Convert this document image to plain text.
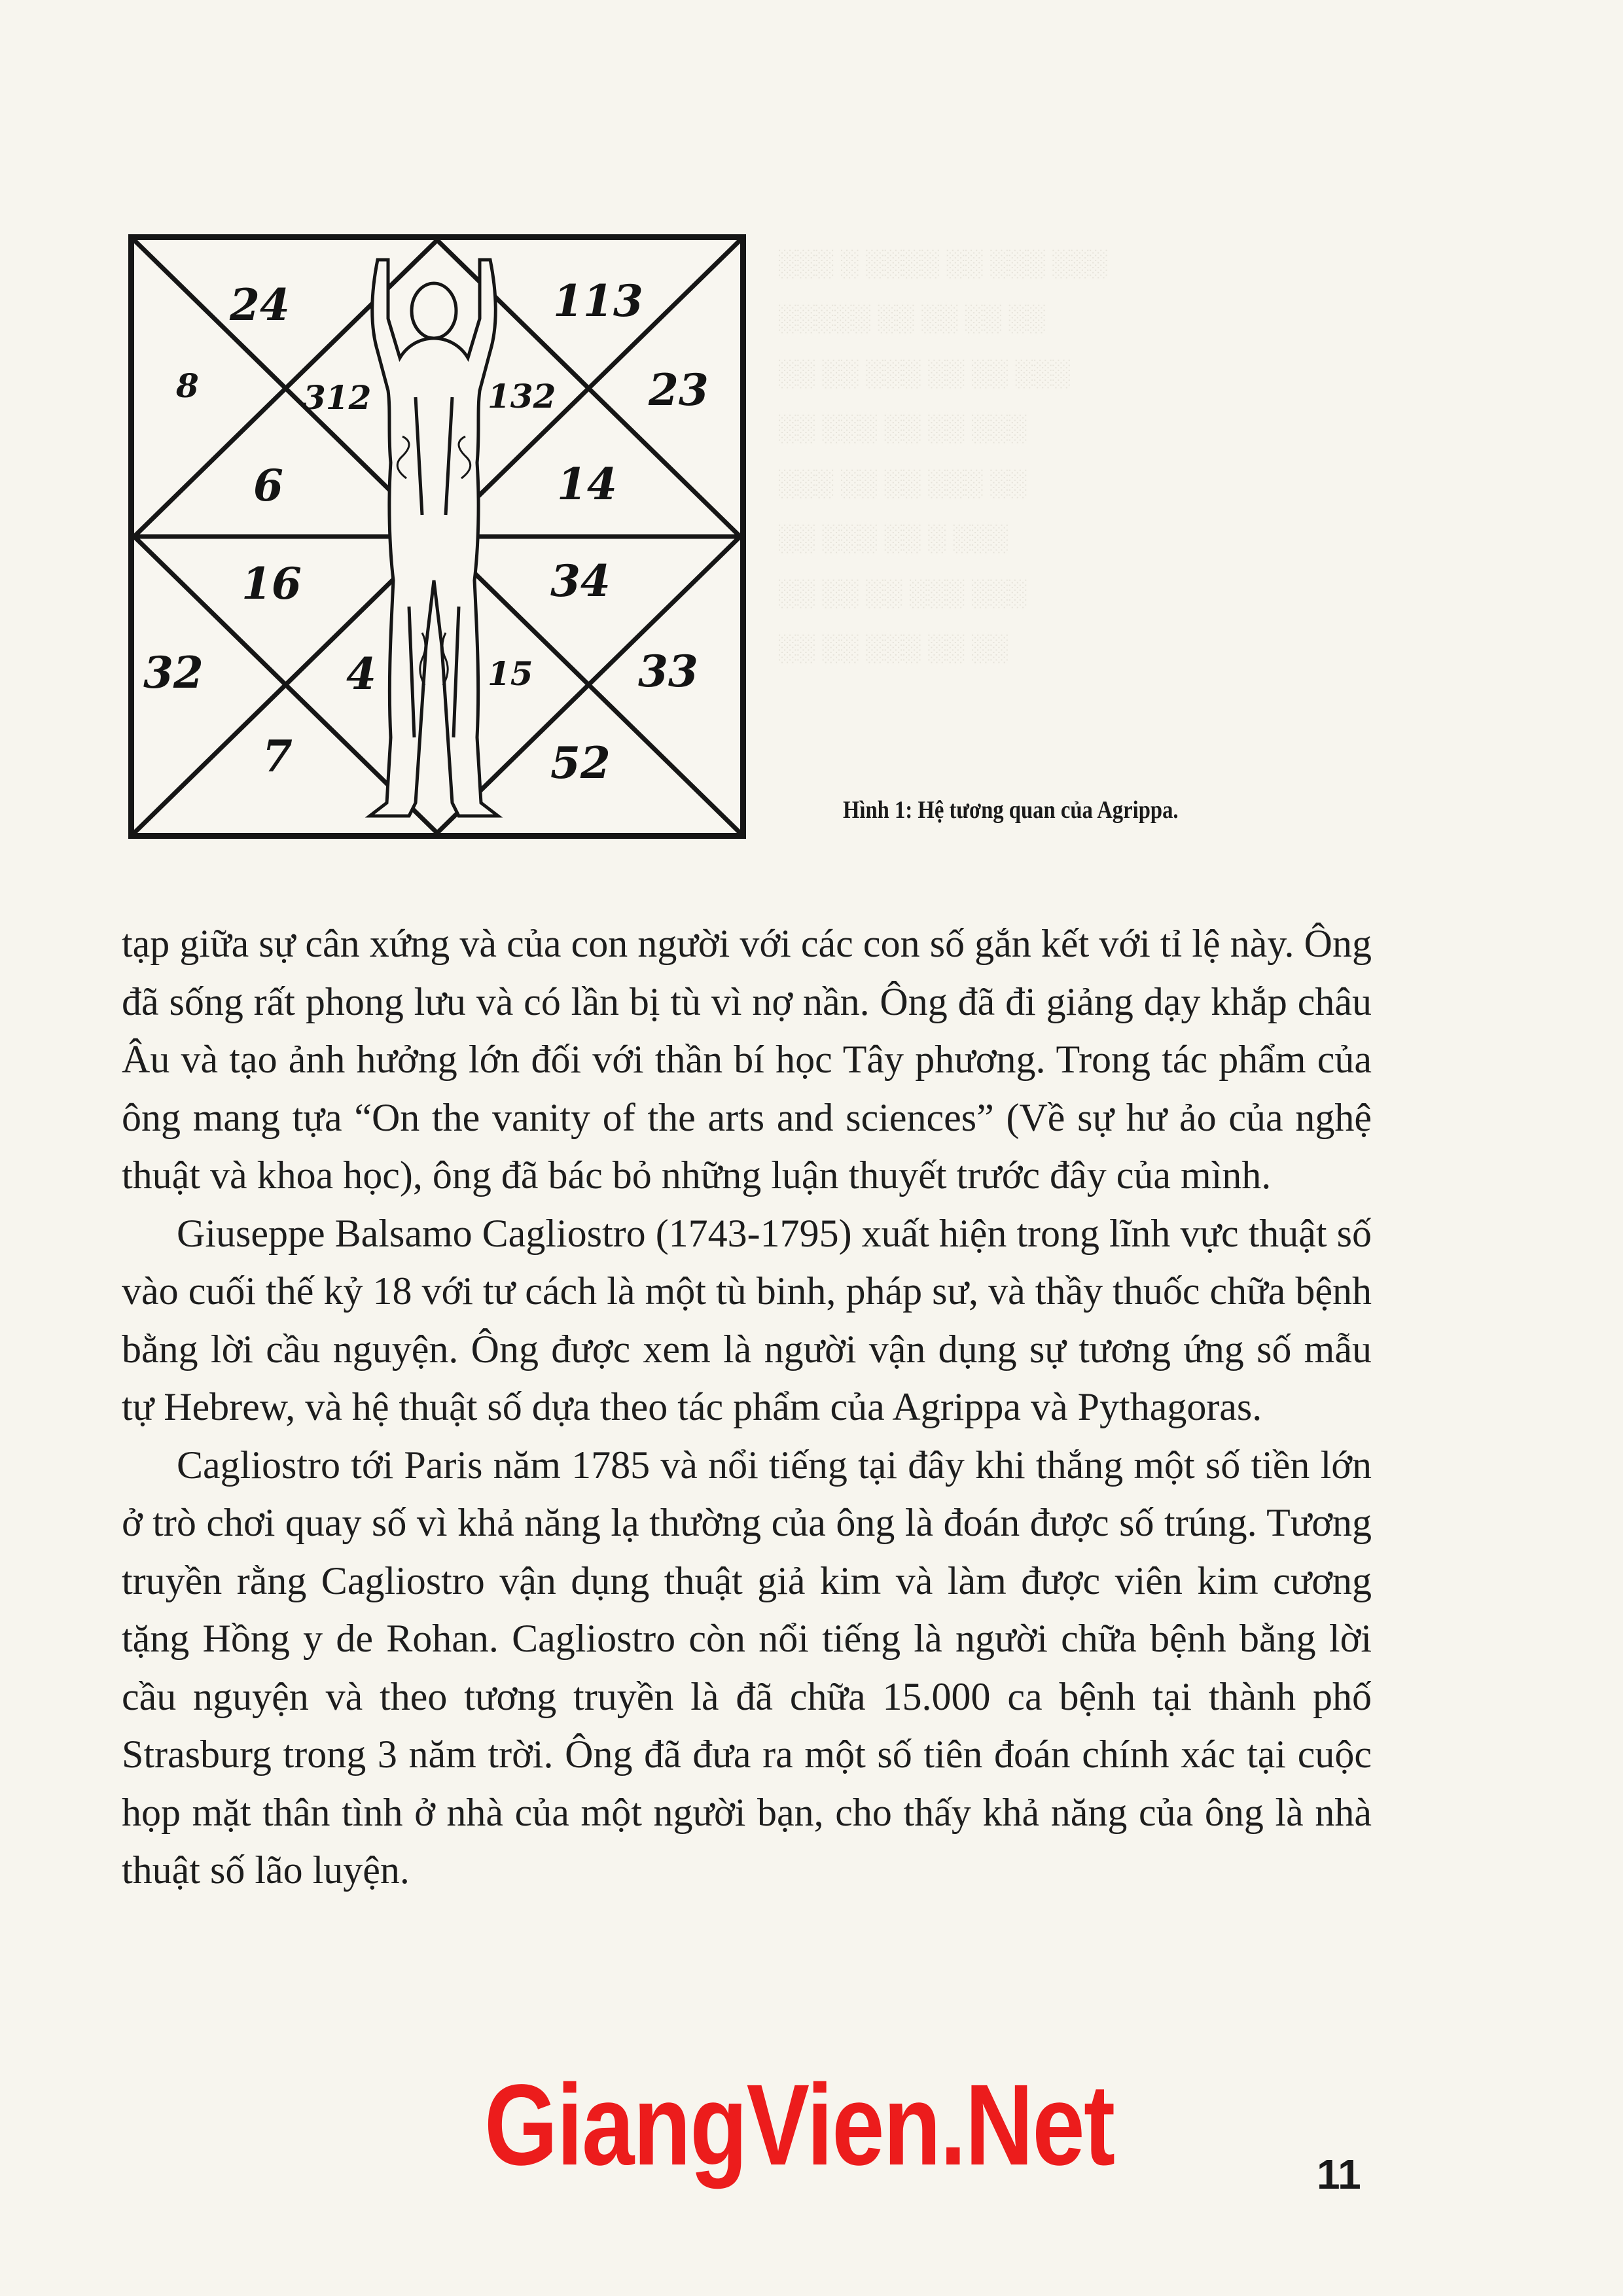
░░░ ░ ░░░░ ░░ ░░░ ░░░
░░░░░ ░░ ░░ ░░ ░░
░░ ░░ ░░░ ░░ ░░ ░░░
░░ ░░░ ░░ ░░ ░░░
░░░ ░░ ░░ ░░░ ░░
░░ ░░░ ░░ ░ ░░░
░░ ░░ ░░ ░░░ ░░░
░░ ░░ ░░░ ░░ ░░
24	113
8	312	132 23
6	14
16	34
32	4	15 33
7	52
Hình 1: Hệ tương quan của Agrippa.

tạp giữa sự cân xứng và của con người với các con số gắn kết với tỉ lệ này. Ông đã sống rất phong lưu và có lần bị tù vì nợ nần. Ông đã đi giảng dạy khắp châu Âu và tạo ảnh hưởng lớn đối với thần bí học Tây phương. Trong tác phẩm của ông mang tựa “On the vanity of the arts and sciences” (Về sự hư ảo của nghệ thuật và khoa học), ông đã bác bỏ những luận thuyết trước đây của mình.

Giuseppe Balsamo Cagliostro (1743-1795) xuất hiện trong lĩnh vực thuật số vào cuối thế kỷ 18 với tư cách là một tù binh, pháp sư, và thầy thuốc chữa bệnh bằng lời cầu nguyện. Ông được xem là người vận dụng sự tương ứng số mẫu tự Hebrew, và hệ thuật số dựa theo tác phẩm của Agrippa và Pythagoras.

Cagliostro tới Paris năm 1785 và nổi tiếng tại đây khi thắng một số tiền lớn ở trò chơi quay số vì khả năng lạ thường của ông là đoán được số trúng. Tương truyền rằng Cagliostro vận dụng thuật giả kim và làm được viên kim cương tặng Hồng y de Rohan. Cagliostro còn nổi tiếng là người chữa bệnh bằng lời cầu nguyện và theo tương truyền là đã chữa 15.000 ca bệnh tại thành phố Strasburg trong 3 năm trời. Ông đã đưa ra một số tiên đoán chính xác tại cuộc họp mặt thân tình ở nhà của một người bạn, cho thấy khả năng của ông là nhà thuật số lão luyện.

GiangVien.Net	11
